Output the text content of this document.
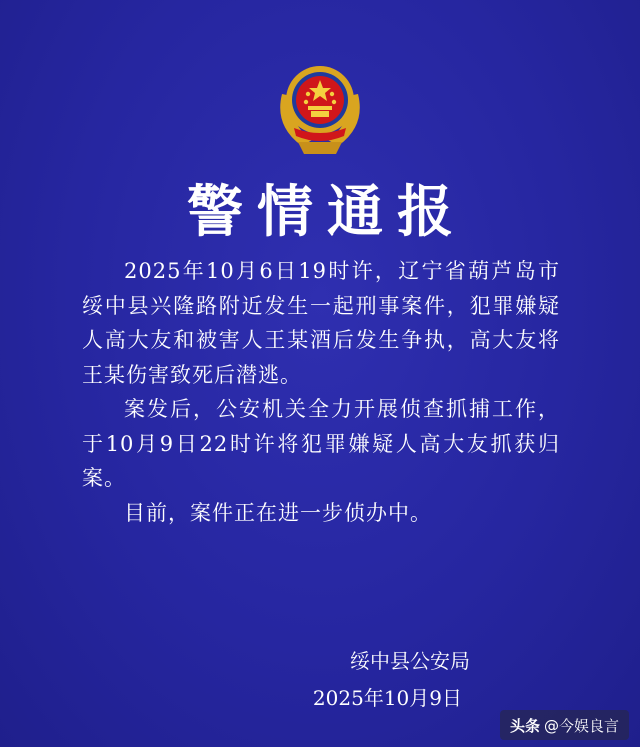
警情通报

2025年10月6日19时许，辽宁省葫芦岛市绥中县兴隆路附近发生一起刑事案件，犯罪嫌疑人高大友和被害人王某酒后发生争执，高大友将王某伤害致死后潜逃。

案发后，公安机关全力开展侦查抓捕工作，于10月9日22时许将犯罪嫌疑人高大友抓获归案。

目前，案件正在进一步侦办中。

绥中县公安局
2025年10月9日
头条 @今娱良言
